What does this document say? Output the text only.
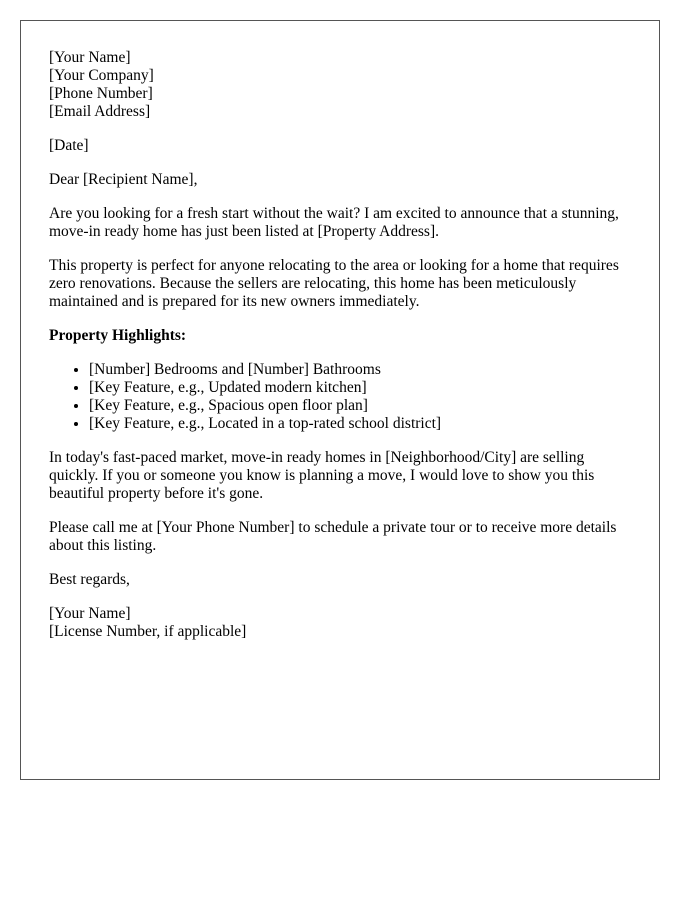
[Your Name]
[Your Company]
[Phone Number]
[Email Address]

[Date]

Dear [Recipient Name],

Are you looking for a fresh start without the wait? I am excited to announce that a stunning, move-in ready home has just been listed at [Property Address].

This property is perfect for anyone relocating to the area or looking for a home that requires zero renovations. Because the sellers are relocating, this home has been meticulously maintained and is prepared for its new owners immediately.

Property Highlights:

• [Number] Bedrooms and [Number] Bathrooms
• [Key Feature, e.g., Updated modern kitchen]
• [Key Feature, e.g., Spacious open floor plan]
• [Key Feature, e.g., Located in a top-rated school district]

In today's fast-paced market, move-in ready homes in [Neighborhood/City] are selling quickly. If you or someone you know is planning a move, I would love to show you this beautiful property before it's gone.

Please call me at [Your Phone Number] to schedule a private tour or to receive more details about this listing.

Best regards,

[Your Name]
[License Number, if applicable]
